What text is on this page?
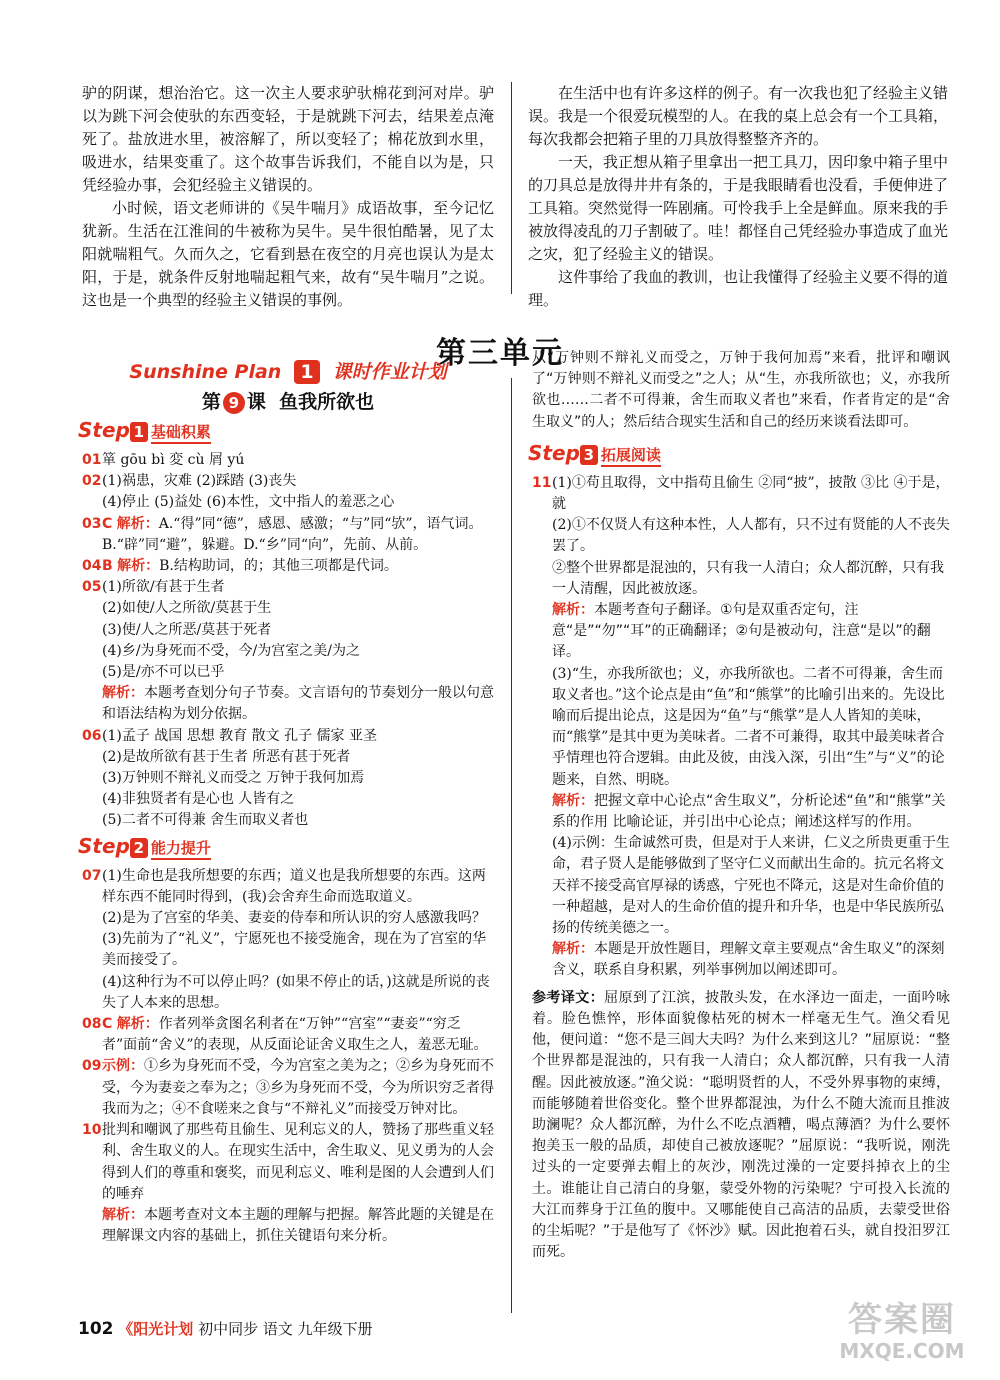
驴的阴谋，想治治它。这一次主人要求驴驮棉花到河对岸。驴以为跳下河会使驮的东西变轻，于是就跳下河去，结果差点淹死了。盐放进水里，被溶解了，所以变轻了；棉花放到水里，吸进水，结果变重了。这个故事告诉我们，不能自以为是，只凭经验办事，会犯经验主义错误的。

小时候，语文老师讲的《吴牛喘月》成语故事，至今记忆犹新。生活在江淮间的牛被称为吴牛。吴牛很怕酷暑，见了太阳就喘粗气。久而久之，它看到悬在夜空的月亮也误认为是太阳，于是，就条件反射地喘起粗气来，故有“吴牛喘月”之说。这也是一个典型的经验主义错误的事例。

在生活中也有许多这样的例子。有一次我也犯了经验主义错误。我是一个很爱玩模型的人。在我的桌上总会有一个工具箱，每次我都会把箱子里的刀具放得整整齐齐的。

一天，我正想从箱子里拿出一把工具刀，因印象中箱子里中的刀具总是放得井井有条的，于是我眼睛看也没看，手便伸进了工具箱。突然觉得一阵剧痛。可怜我手上全是鲜血。原来我的手被放得凌乱的刀子割破了。哇！都怪自己凭经验办事造成了血光之灾，犯了经验主义的错误。

这件事给了我血的教训，也让我懂得了经验主义要不得的道理。

第三单元
Sunshine Plan 1 课时作业计划
第 9 课 鱼我所欲也
Step 1 基础积累
01 箪 gōu bì 変 cù 屑 yú
02 (1)祸患，灾难 (2)踩踏 (3)丧失
(4)停止 (5)益处 (6)本性，文中指人的羞恶之心
03 C 解析：A.“得”同“德”，感恩、感激；“与”同“欤”，语气词。B.“辟”同“避”，躲避。D.“乡”同“向”，先前、从前。
04 B 解析：B.结构助词，的；其他三项都是代词。
05 (1)所欲/有甚于生者
(2)如使/人之所欲/莫甚于生
(3)使/人之所恶/莫甚于死者
(4)乡/为身死而不受，今/为宫室之美/为之
(5)是/亦不可以已乎
解析：本题考查划分句子节奏。文言语句的节奏划分一般以句意和语法结构为划分依据。
06 (1)孟子 战国 思想 教育 散文 孔子 儒家 亚圣
(2)是故所欲有甚于生者 所恶有甚于死者
(3)万钟则不辩礼义而受之 万钟于我何加焉
(4)非独贤者有是心也 人皆有之
(5)二者不可得兼 舍生而取义者也
Step 2 能力提升
07 (1)生命也是我所想要的东西；道义也是我所想要的东西。这两样东西不能同时得到，(我)会舍弃生命而选取道义。
(2)是为了宫室的华美、妻妾的侍奉和所认识的穷人感激我吗？
(3)先前为了“礼义”，宁愿死也不接受施舍，现在为了宫室的华美而接受了。
(4)这种行为不可以停止吗？(如果不停止的话，)这就是所说的丧失了人本来的思想。
08 C 解析：作者列举贪图名利者在“万钟”“宫室”“妻妾”“穷乏者”面前“舍义”的表现，从反面论证舍义取生之人，羞恶无耻。
09 示例：①乡为身死而不受，今为宫室之美为之；②乡为身死而不受，今为妻妾之奉为之；③乡为身死而不受，今为所识穷乏者得我而为之；④不食嗟来之食与“不辩礼义”而接受万钟对比。
10 批判和嘲讽了那些苟且偷生、见利忘义的人，赞扬了那些重义轻利、舍生取义的人。在现实生活中，舍生取义、见义勇为的人会得到人们的尊重和褒奖，而见利忘义、唯利是图的人会遭到人们的唾弃
解析：本题考查对文本主题的理解与把握。解答此题的关键是在理解课文内容的基础上，抓住关键语句来分析。

从“万钟则不辩礼义而受之，万钟于我何加焉”来看，批评和嘲讽了“万钟则不辩礼义而受之”之人；从“生，亦我所欲也；义，亦我所欲也……二者不可得兼，舍生而取义者也”来看，作者肯定的是“舍生取义”的人；然后结合现实生活和自己的经历来谈看法即可。

Step 3 拓展阅读
11 (1)①苟且取得，文中指苟且偷生 ②同“披”，披散 ③比 ④于是，就
(2)①不仅贤人有这种本性，人人都有，只不过有贤能的人不丧失罢了。
②整个世界都是混浊的，只有我一人清白；众人都沉醉，只有我一人清醒，因此被放逐。
解析：本题考查句子翻译。①句是双重否定句，注意“是”“勿”“耳”的正确翻译；②句是被动句，注意“是以”的翻译。
(3)“生，亦我所欲也；义，亦我所欲也。二者不可得兼，舍生而取义者也。”这个论点是由“鱼”和“熊掌”的比喻引出来的。先设比喻而后提出论点，这是因为“鱼”与“熊掌”是人人皆知的美味，而“熊掌”是其中更为美味者。二者不可兼得，取其中最美味者合乎情理也符合逻辑。由此及彼，由浅入深，引出“生”与“义”的论题来，自然、明晓。
解析：把握文章中心论点“舍生取义”，分析论述“鱼”和“熊掌”关系的作用 比喻论证，并引出中心论点；阐述这样写的作用。
(4)示例：生命诚然可贵，但是对于人来讲，仁义之所贵更重于生命，君子贤人是能够做到了坚守仁义而献出生命的。抗元名将文天祥不接受高官厚禄的诱惑，宁死也不降元，这是对生命价值的一种超越，是对人的生命价值的提升和升华，也是中华民族所弘扬的传统美德之一。
解析：本题是开放性题目，理解文章主要观点“舍生取义”的深刻含义，联系自身积累，列举事例加以阐述即可。

参考译文：屈原到了江滨，披散头发，在水泽边一面走，一面吟咏着。脸色憔悴，形体面貌像枯死的树木一样毫无生气。渔父看见他，便问道：“您不是三闾大夫吗？为什么来到这儿？”屈原说：“整个世界都是混浊的，只有我一人清白；众人都沉醉，只有我一人清醒。因此被放逐。”渔父说：“聪明贤哲的人，不受外界事物的束缚，而能够随着世俗变化。整个世界都混浊，为什么不随大流而且推波助澜呢？众人都沉醉，为什么不吃点酒糟，喝点薄酒？为什么要怀抱美玉一般的品质，却使自己被放逐呢？”屈原说：“我听说，刚洗过头的一定要弹去帽上的灰沙，刚洗过澡的一定要抖掉衣上的尘土。谁能让自己清白的身躯，蒙受外物的污染呢？宁可投入长流的大江而葬身于江鱼的腹中。又哪能使自己高洁的品质，去蒙受世俗的尘垢呢？”于是他写了《怀沙》赋。因此抱着石头，就自投汨罗江而死。

102 《阳光计划 初中同步 语文 九年级下册	答案圈
MXQE.COM
